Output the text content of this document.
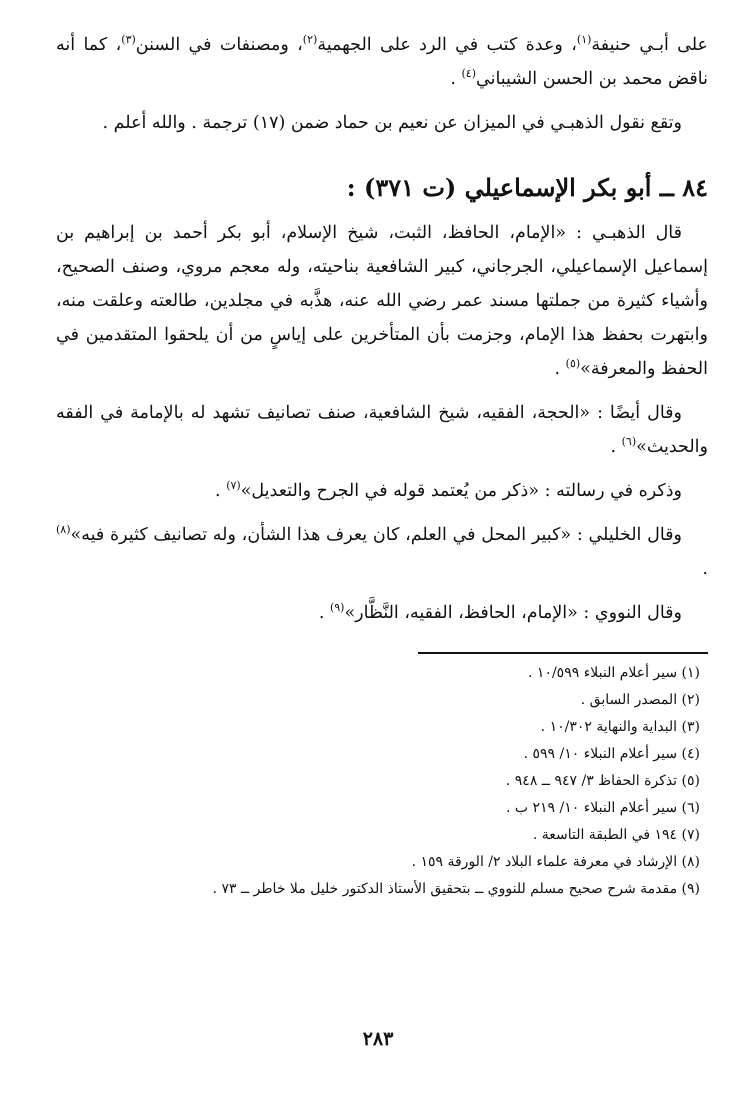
على أبـي حنيفة$^{(١)}$، وعدة كتب في الرد على الجهمية$^{(٢)}$، ومصنفات في السنن$^{(٣)}$، كما أنه ناقض محمد بن الحسن الشيباني$^{(٤)}$ .

وتقع نقول الذهبـي في الميزان عن نعيم بن حماد ضمن (١٧) ترجمة . والله أعلم .

٨٤ ــ أبو بكر الإسماعيلي (ت ٣٧١) :

قال الذهبـي : «الإمام، الحافظ، الثبت، شيخ الإسلام، أبو بكر أحمد بن إبراهيم بن إسماعيل الإسماعيلي، الجرجاني، كبير الشافعية بناحيته، وله معجم مروي، وصنف الصحيح، وأشياء كثيرة من جملتها مسند عمر رضي الله عنه، هذَّبه في مجلدين، طالعته وعلقت منه، وابتهرت بحفظ هذا الإمام، وجزمت بأن المتأخرين على إياسٍ من أن يلحقوا المتقدمين في الحفظ والمعرفة»$^{(٥)}$ .

وقال أيضًا : «الحجة، الفقيه، شيخ الشافعية، صنف تصانيف تشهد له بالإمامة في الفقه والحديث»$^{(٦)}$ .

وذكره في رسالته : «ذكر من يُعتمد قوله في الجرح والتعديل»$^{(٧)}$ .

وقال الخليلي : «كبير المحل في العلم، كان يعرف هذا الشأن، وله تصانيف كثيرة فيه»$^{(٨)}$ .

وقال النووي : «الإمام، الحافظ، الفقيه، النَّظَّار»$^{(٩)}$ .

(١) سير أعلام النبلاء ١٠/٥٩٩ .
(٢) المصدر السابق .
(٣) البداية والنهاية ١٠/٣٠٢ .
(٤) سير أعلام النبلاء ١٠/ ٥٩٩ .
(٥) تذكرة الحفاظ ٣/ ٩٤٧ ــ ٩٤٨ .
(٦) سير أعلام النبلاء ١٠/ ٢١٩ ب .
(٧) ١٩٤ في الطبقة التاسعة .
(٨) الإرشاد في معرفة علماء البلاد ٢/ الورقة ١٥٩ .
(٩) مقدمة شرح صحيح مسلم للنووي ــ بتحقيق الأستاذ الدكتور خليل ملا خاطر ــ ٧٣ .
٢٨٣
